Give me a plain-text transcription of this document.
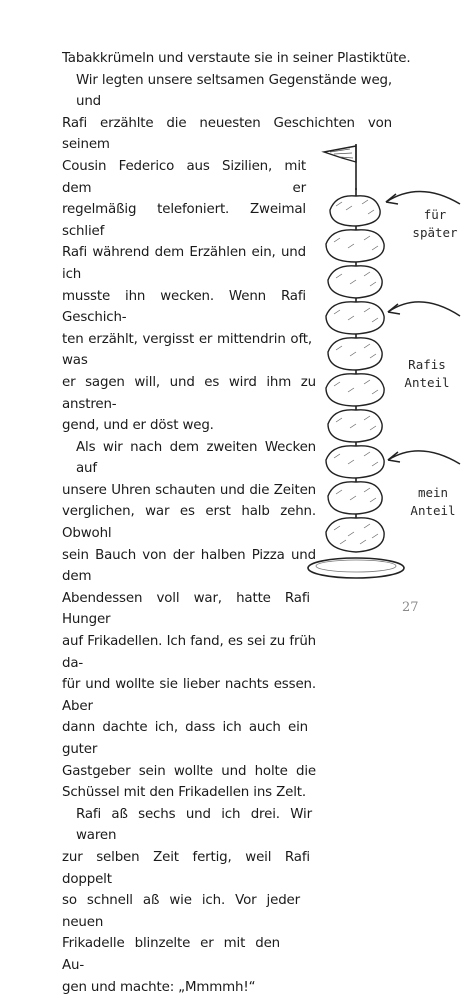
Tabakkrümeln und verstaute sie in seiner Plastiktüte.
Wir legten unsere seltsamen Gegenstände weg, und
Rafi erzählte die neuesten Geschichten von seinem
Cousin Federico aus Sizilien, mit dem er
regelmäßig telefoniert. Zweimal schlief
Rafi während dem Erzählen ein, und ich
musste ihn wecken. Wenn Rafi Geschich-
ten erzählt, vergisst er mittendrin oft, was
er sagen will, und es wird ihm zu anstren-
gend, und er döst weg.
Als wir nach dem zweiten Wecken auf
unsere Uhren schauten und die Zeiten
verglichen, war es erst halb zehn. Obwohl
sein Bauch von der halben Pizza und dem
Abendessen voll war, hatte Rafi Hunger
auf Frikadellen. Ich fand, es sei zu früh da-
für und wollte sie lieber nachts essen. Aber
dann dachte ich, dass ich auch ein guter
Gastgeber sein wollte und holte die
Schüssel mit den Frikadellen ins Zelt.
Rafi aß sechs und ich drei. Wir waren
zur selben Zeit fertig, weil Rafi doppelt
so schnell aß wie ich. Vor jeder neuen
Frikadelle blinzelte er mit den Au-
gen und machte: „Mmmmh!“
für
später
Rafis
Anteil
mein
Anteil
27
